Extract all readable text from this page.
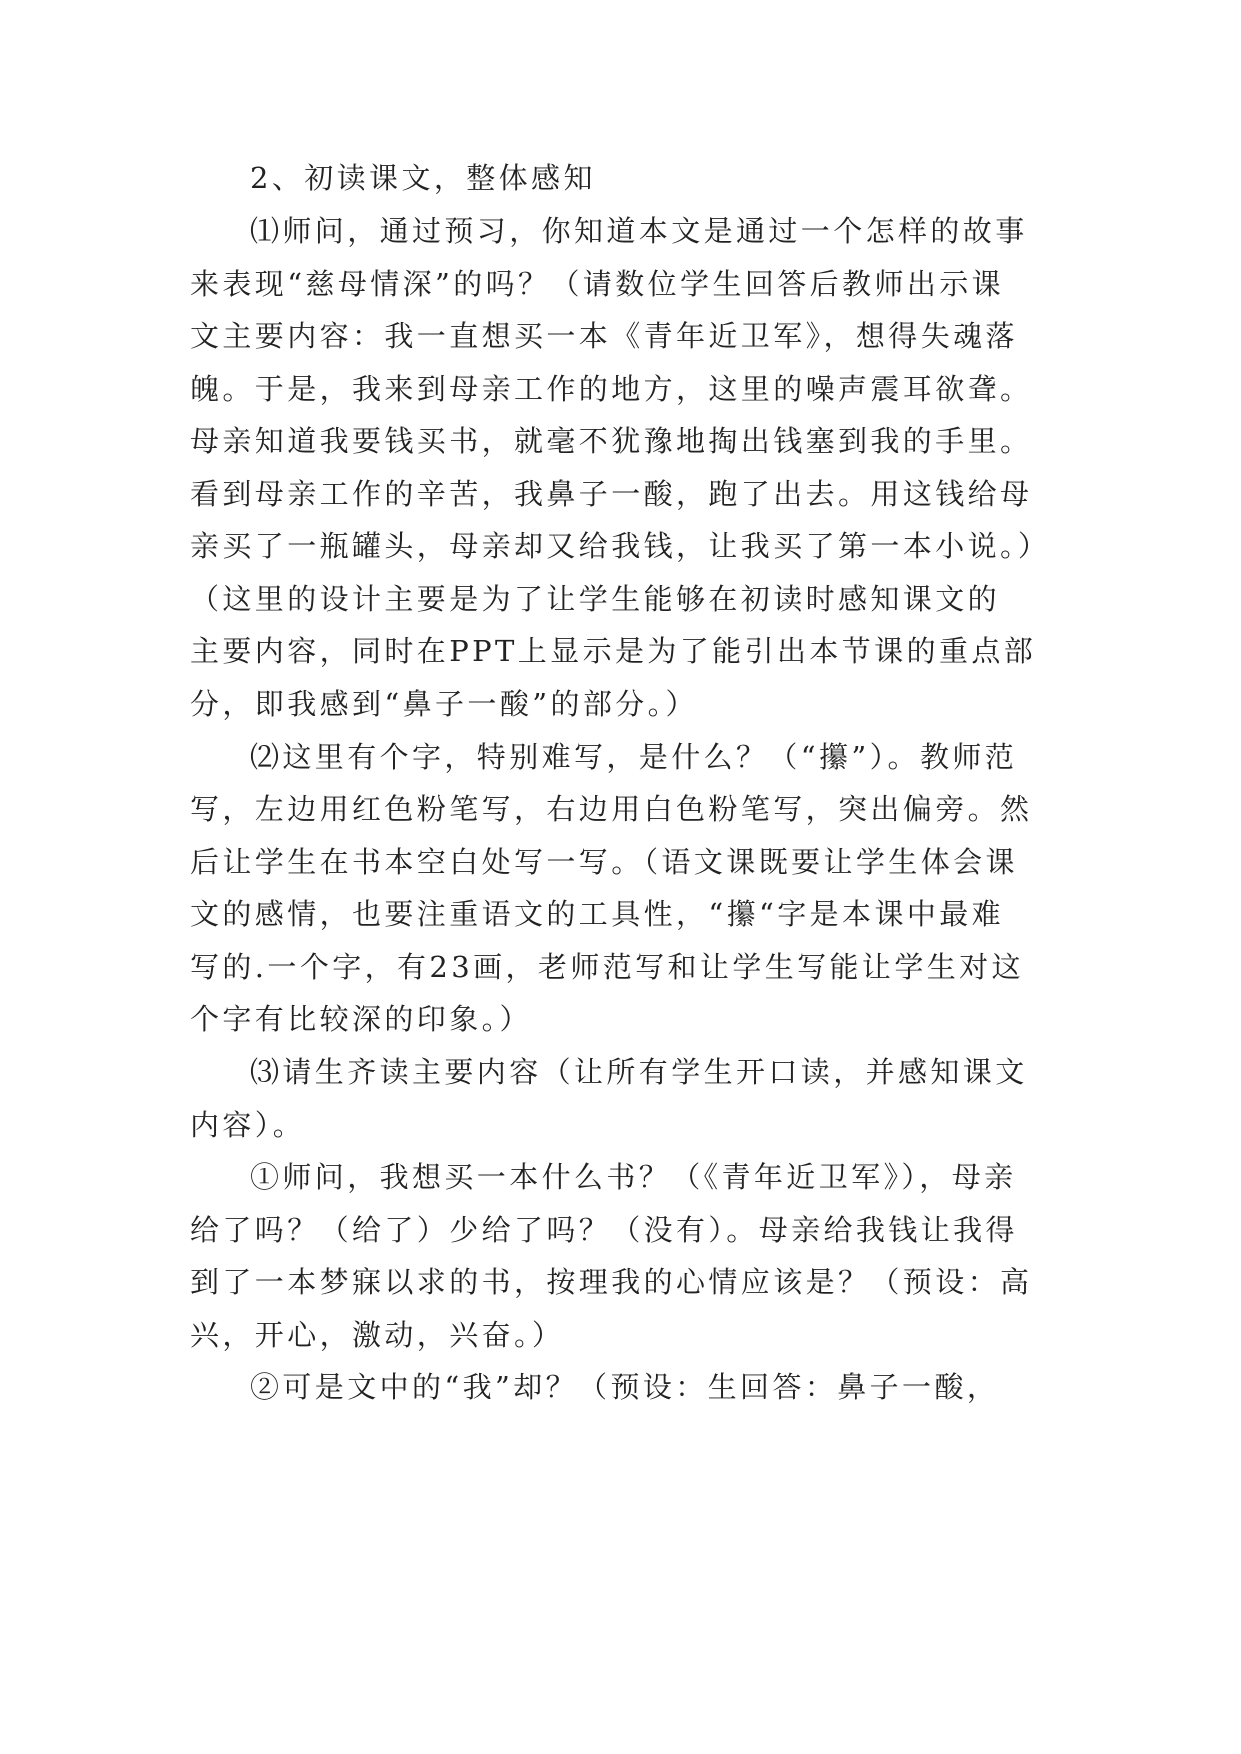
2、初读课文，整体感知
⑴师问，通过预习，你知道本文是通过一个怎样的故事
来表现“慈母情深”的吗？（请数位学生回答后教师出示课
文主要内容：我一直想买一本《青年近卫军》，想得失魂落
魄。于是，我来到母亲工作的地方，这里的噪声震耳欲聋。
母亲知道我要钱买书，就毫不犹豫地掏出钱塞到我的手里。
看到母亲工作的辛苦，我鼻子一酸，跑了出去。用这钱给母
亲买了一瓶罐头，母亲却又给我钱，让我买了第一本小说。）
（这里的设计主要是为了让学生能够在初读时感知课文的
主要内容，同时在PPT上显示是为了能引出本节课的重点部
分，即我感到“鼻子一酸”的部分。）
⑵这里有个字，特别难写，是什么？（“攥”）。教师范
写，左边用红色粉笔写，右边用白色粉笔写，突出偏旁。然
后让学生在书本空白处写一写。（语文课既要让学生体会课
文的感情，也要注重语文的工具性，“攥“字是本课中最难
写的.一个字，有23画，老师范写和让学生写能让学生对这
个字有比较深的印象。）
⑶请生齐读主要内容（让所有学生开口读，并感知课文
内容）。
①师问，我想买一本什么书？（《青年近卫军》），母亲
给了吗？（给了）少给了吗？（没有）。母亲给我钱让我得
到了一本梦寐以求的书，按理我的心情应该是？（预设：高
兴，开心，激动，兴奋。）
②可是文中的“我”却？（预设：生回答：鼻子一酸，
